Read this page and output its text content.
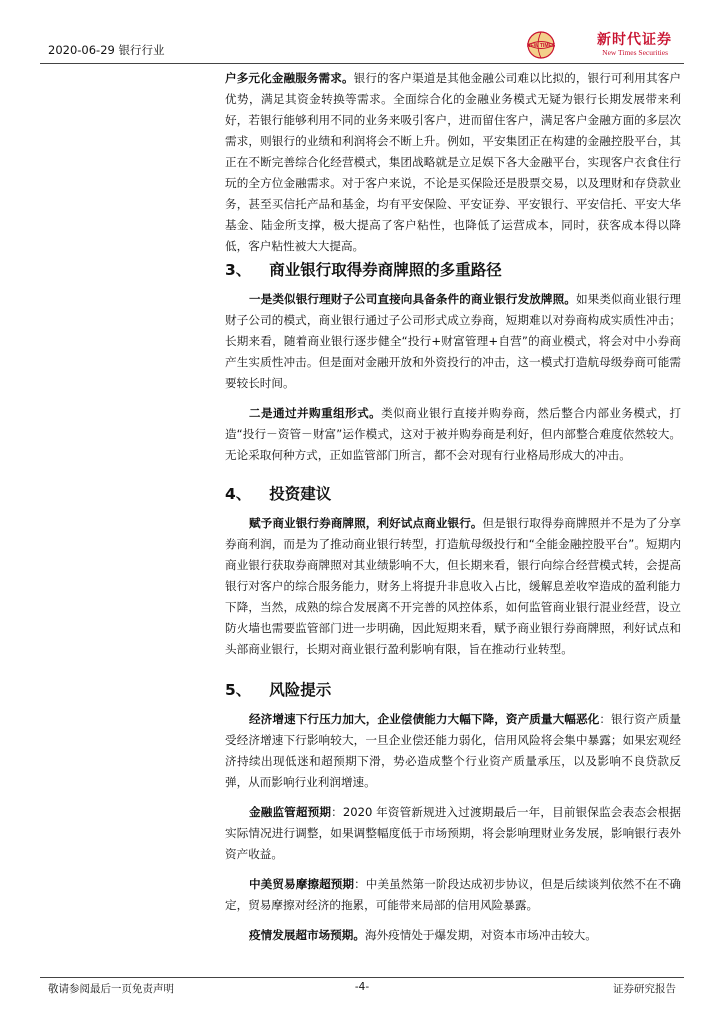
2020-06-29 银行行业	NEW TIMES	新时代证券
New Times Securities

户多元化金融服务需求。银行的客户渠道是其他金融公司难以比拟的，银行可利用其客户优势，满足其资金转换等需求。全面综合化的金融业务模式无疑为银行长期发展带来利好，若银行能够利用不同的业务来吸引客户，进而留住客户，满足客户金融方面的多层次需求，则银行的业绩和利润将会不断上升。例如，平安集团正在构建的金融控股平台，其正在不断完善综合化经营模式，集团战略就是立足娱下各大金融平台，实现客户衣食住行玩的全方位金融需求。对于客户来说，不论是买保险还是股票交易，以及理财和存贷款业务，甚至买信托产品和基金，均有平安保险、平安证券、平安银行、平安信托、平安大华基金、陆金所支撑，极大提高了客户粘性，也降低了运营成本，同时，获客成本得以降低，客户粘性被大大提高。

3、 商业银行取得券商牌照的多重路径

一是类似银行理财子公司直接向具备条件的商业银行发放牌照。如果类似商业银行理财子公司的模式，商业银行通过子公司形式成立券商，短期难以对券商构成实质性冲击；长期来看，随着商业银行逐步健全“投行+财富管理+自营”的商业模式，将会对中小券商产生实质性冲击。但是面对金融开放和外资投行的冲击，这一模式打造航母级券商可能需要较长时间。

二是通过并购重组形式。类似商业银行直接并购券商，然后整合内部业务模式，打造“投行－资管－财富”运作模式，这对于被并购券商是利好，但内部整合难度依然较大。无论采取何种方式，正如监管部门所言，都不会对现有行业格局形成大的冲击。

4、 投资建议

赋予商业银行券商牌照，利好试点商业银行。但是银行取得券商牌照并不是为了分享券商利润，而是为了推动商业银行转型，打造航母级投行和“全能金融控股平台”。短期内商业银行获取券商牌照对其业绩影响不大，但长期来看，银行向综合经营模式转，会提高银行对客户的综合服务能力，财务上将提升非息收入占比，缓解息差收窄造成的盈利能力下降，当然，成熟的综合发展离不开完善的风控体系，如何监管商业银行混业经营，设立防火墙也需要监管部门进一步明确，因此短期来看，赋予商业银行券商牌照，利好试点和头部商业银行，长期对商业银行盈利影响有限，旨在推动行业转型。

5、 风险提示

经济增速下行压力加大，企业偿债能力大幅下降，资产质量大幅恶化：银行资产质量受经济增速下行影响较大，一旦企业偿还能力弱化，信用风险将会集中暴露；如果宏观经济持续出现低迷和超预期下滑，势必造成整个行业资产质量承压，以及影响不良贷款反弹，从而影响行业利润增速。

金融监管超预期：2020 年资管新规进入过渡期最后一年，目前银保监会表态会根据实际情况进行调整，如果调整幅度低于市场预期，将会影响理财业务发展，影响银行表外资产收益。

中美贸易摩擦超预期：中美虽然第一阶段达成初步协议，但是后续谈判依然不在不确定，贸易摩擦对经济的拖累，可能带来局部的信用风险暴露。

疫情发展超市场预期。海外疫情处于爆发期，对资本市场冲击较大。

敬请参阅最后一页免责声明	-4-	证券研究报告
